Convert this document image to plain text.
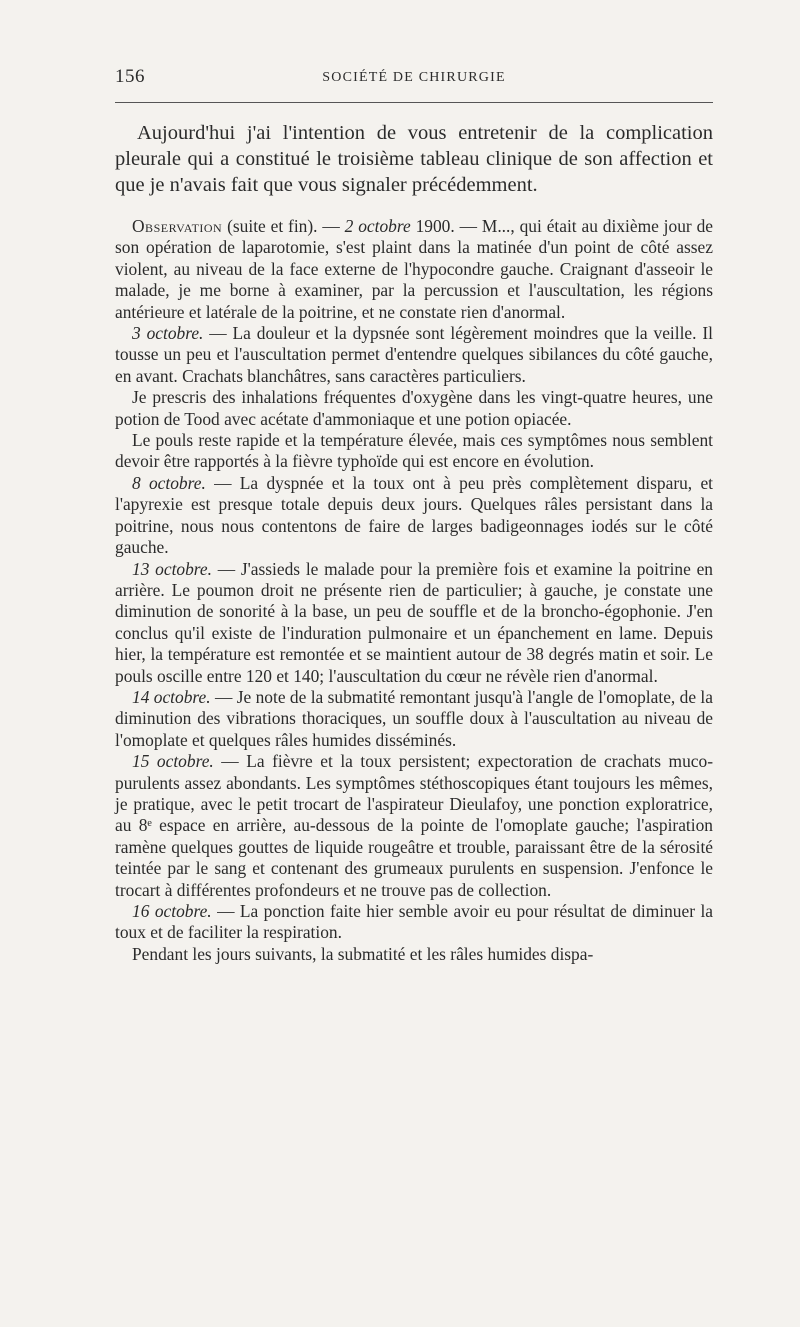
156	SOCIÉTÉ DE CHIRURGIE

Aujourd'hui j'ai l'intention de vous entretenir de la complication pleurale qui a constitué le troisième tableau clinique de son affection et que je n'avais fait que vous signaler précédemment.

Observation (suite et fin). — 2 octobre 1900. — M..., qui était au dixième jour de son opération de laparotomie, s'est plaint dans la matinée d'un point de côté assez violent, au niveau de la face externe de l'hypocondre gauche. Craignant d'asseoir le malade, je me borne à examiner, par la percussion et l'auscultation, les régions antérieure et latérale de la poitrine, et ne constate rien d'anormal.

3 octobre. — La douleur et la dypsnée sont légèrement moindres que la veille. Il tousse un peu et l'auscultation permet d'entendre quelques sibilances du côté gauche, en avant. Crachats blanchâtres, sans caractères particuliers.

Je prescris des inhalations fréquentes d'oxygène dans les vingt-quatre heures, une potion de Tood avec acétate d'ammoniaque et une potion opiacée.

Le pouls reste rapide et la température élevée, mais ces symptômes nous semblent devoir être rapportés à la fièvre typhoïde qui est encore en évolution.

8 octobre. — La dyspnée et la toux ont à peu près complètement disparu, et l'apyrexie est presque totale depuis deux jours. Quelques râles persistant dans la poitrine, nous nous contentons de faire de larges badigeonnages iodés sur le côté gauche.

13 octobre. — J'assieds le malade pour la première fois et examine la poitrine en arrière. Le poumon droit ne présente rien de particulier; à gauche, je constate une diminution de sonorité à la base, un peu de souffle et de la broncho-égophonie. J'en conclus qu'il existe de l'induration pulmonaire et un épanchement en lame. Depuis hier, la température est remontée et se maintient autour de 38 degrés matin et soir. Le pouls oscille entre 120 et 140; l'auscultation du cœur ne révèle rien d'anormal.

14 octobre. — Je note de la submatité remontant jusqu'à l'angle de l'omoplate, de la diminution des vibrations thoraciques, un souffle doux à l'auscultation au niveau de l'omoplate et quelques râles humides disséminés.

15 octobre. — La fièvre et la toux persistent; expectoration de crachats muco-purulents assez abondants. Les symptômes stéthoscopiques étant toujours les mêmes, je pratique, avec le petit trocart de l'aspirateur Dieulafoy, une ponction exploratrice, au 8ᵉ espace en arrière, au-dessous de la pointe de l'omoplate gauche; l'aspiration ramène quelques gouttes de liquide rougeâtre et trouble, paraissant être de la sérosité teintée par le sang et contenant des grumeaux purulents en suspension. J'enfonce le trocart à différentes profondeurs et ne trouve pas de collection.

16 octobre. — La ponction faite hier semble avoir eu pour résultat de diminuer la toux et de faciliter la respiration.

Pendant les jours suivants, la submatité et les râles humides dispa-
